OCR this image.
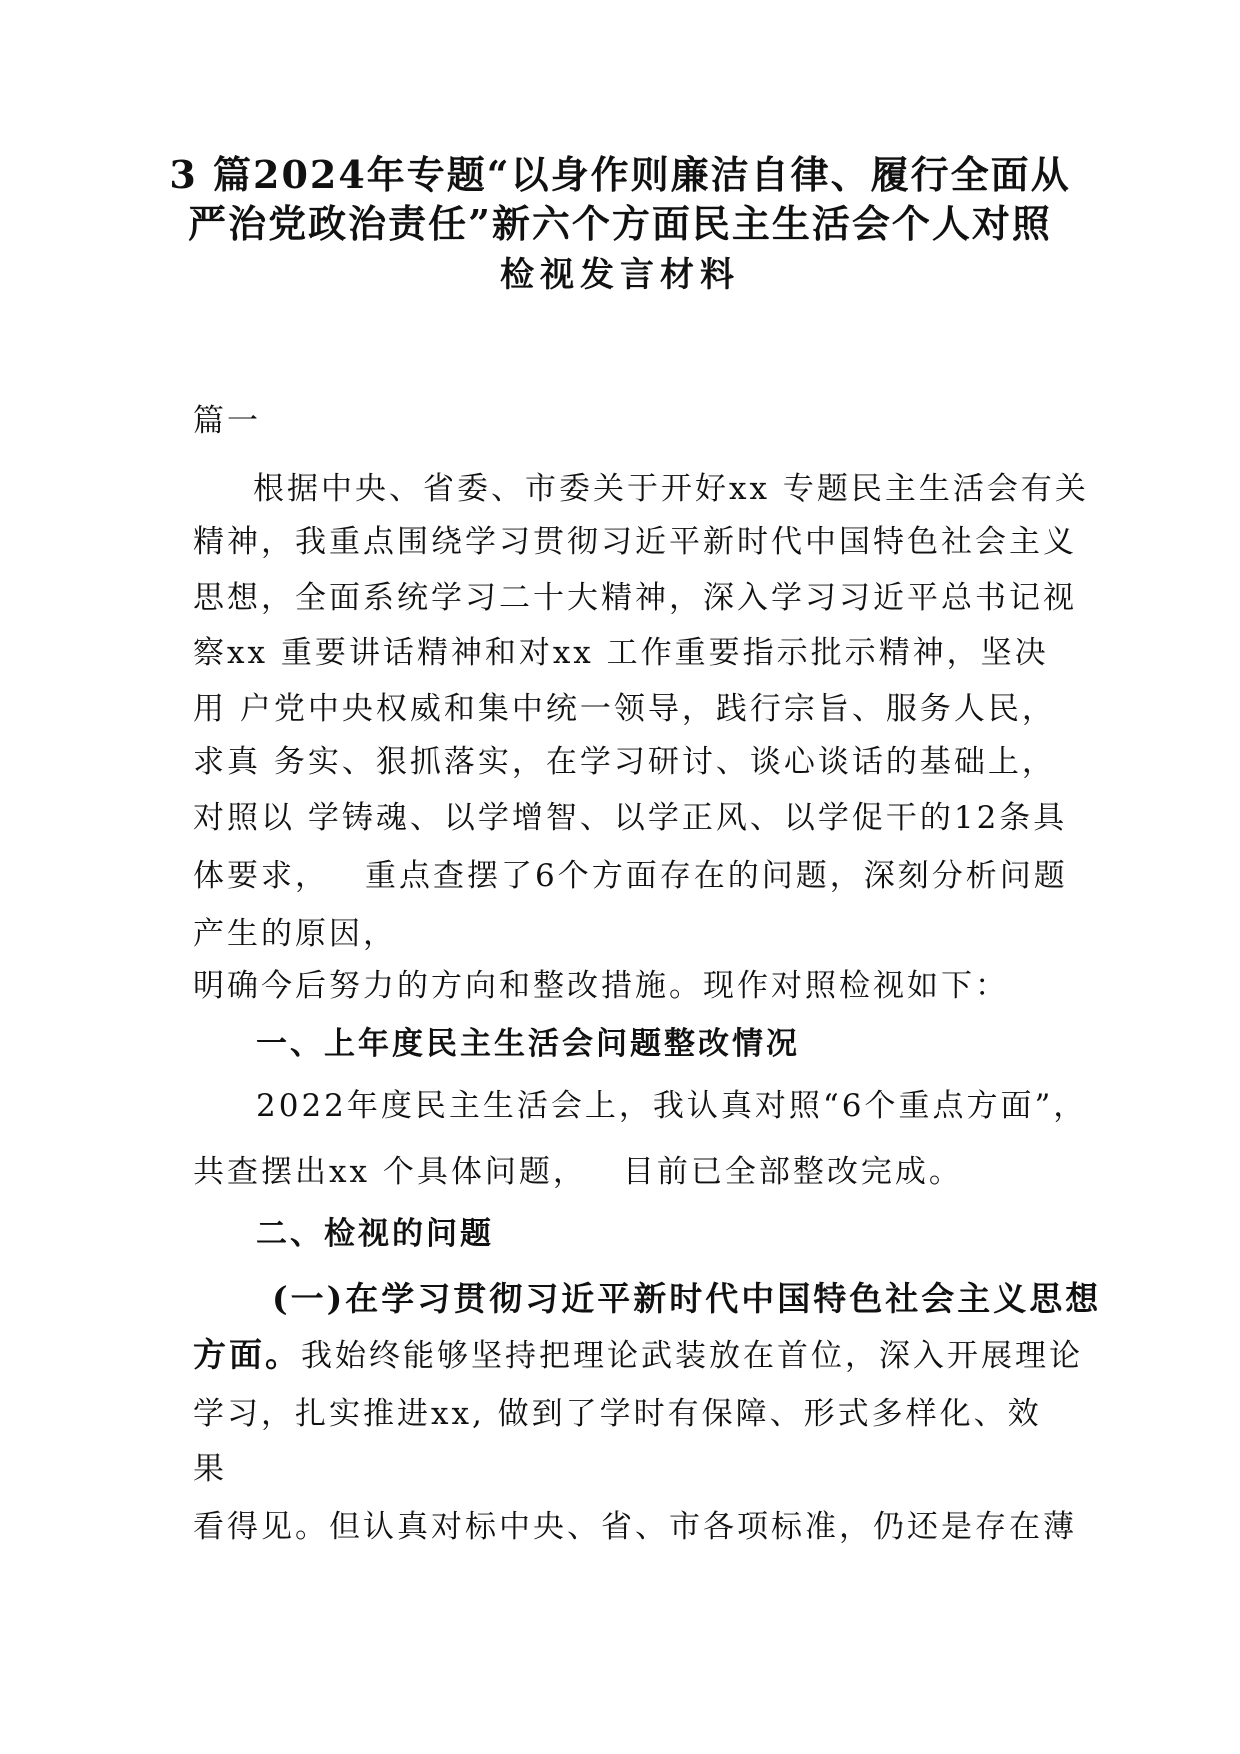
3 篇2024年专题“以身作则廉洁自律、履行全面从
严治党政治责任”新六个方面民主生活会个人对照
检视发言材料
篇一
根据中央、省委、市委关于开好xx 专题民主生活会有关
精神，我重点围绕学习贯彻习近平新时代中国特色社会主义
思想，全面系统学习二十大精神，深入学习习近平总书记视
察xx 重要讲话精神和对xx 工作重要指示批示精神，坚决
用 户党中央权威和集中统一领导，践行宗旨、服务人民，
求真 务实、狠抓落实，在学习研讨、谈心谈话的基础上，
对照以 学铸魂、以学增智、以学正风、以学促干的12条具
体要求， 重点查摆了6个方面存在的问题，深刻分析问题
产生的原因，
明确今后努力的方向和整改措施。现作对照检视如下：
一、上年度民主生活会问题整改情况
2022年度民主生活会上，我认真对照“6个重点方面”，
共查摆出xx 个具体问题， 目前已全部整改完成。
二、检视的问题
(一)在学习贯彻习近平新时代中国特色社会主义思想
方面。我始终能够坚持把理论武装放在首位，深入开展理论
学习，扎实推进xx, 做到了学时有保障、形式多样化、效
果
看得见。但认真对标中央、省、市各项标准，仍还是存在薄
